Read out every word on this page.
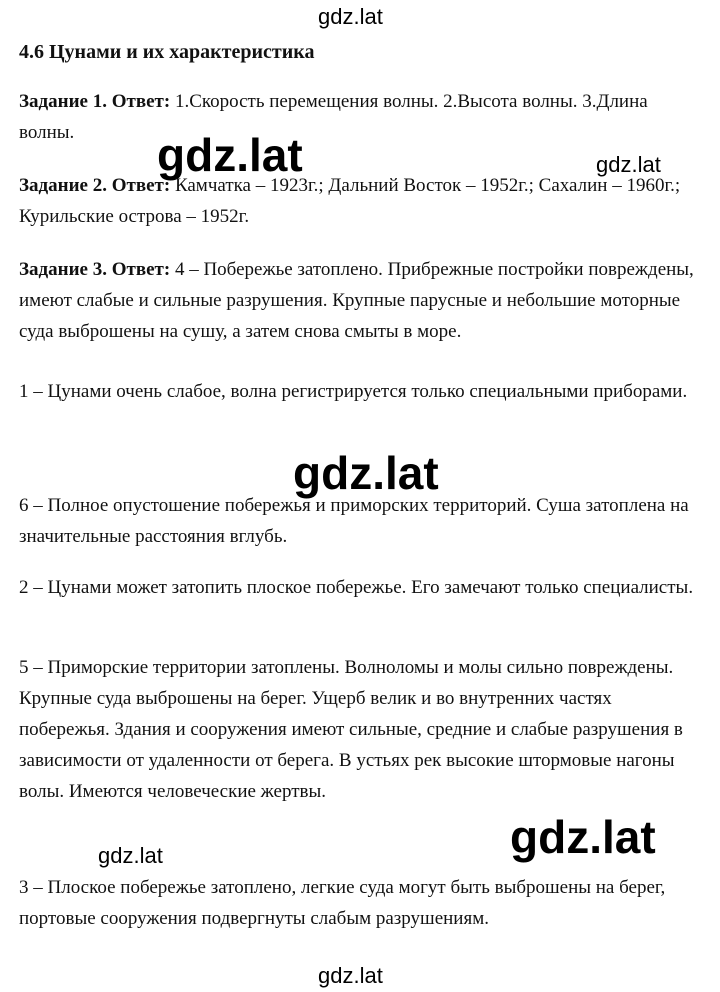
gdz.lat
4.6 Цунами и их характеристика
Задание 1. Ответ: 1.Скорость перемещения волны. 2.Высота волны. 3.Длина волны.	gdz.lat	gdz.lat
Задание 2. Ответ: Камчатка – 1923г.; Дальний Восток – 1952г.; Сахалин – 1960г.; Курильские острова – 1952г.
Задание 3. Ответ: 4 – Побережье затоплено. Прибрежные постройки повреждены, имеют слабые и сильные разрушения. Крупные парусные и небольшие моторные суда выброшены на сушу, а затем снова смыты в море.
1 – Цунами очень слабое, волна регистрируется только специальными приборами.
gdz.lat
6 – Полное опустошение побережья и приморских территорий. Суша затоплена на значительные расстояния вглубь.
2 – Цунами может затопить плоское побережье. Его замечают только специалисты.
5 – Приморские территории затоплены. Волноломы и молы сильно повреждены. Крупные суда выброшены на берег. Ущерб велик и во внутренних частях побережья. Здания и сооружения имеют сильные, средние и слабые разрушения в зависимости от удаленности от берега. В устьях рек высокие штормовые нагоны волы. Имеются человеческие жертвы.
gdz.lat
gdz.lat
3 – Плоское побережье затоплено, легкие суда могут быть выброшены на берег, портовые сооружения подвергнуты слабым разрушениям.
gdz.lat
